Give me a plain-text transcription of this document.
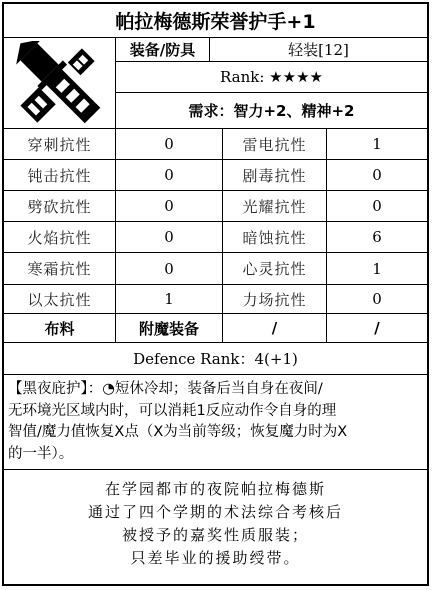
帕拉梅德斯荣誉护手+1
装备/防具	轻装[12]
Rank: ★★★★
需求：智力+2、精神+2
穿刺抗性	0	雷电抗性	1
钝击抗性	0	剧毒抗性	0
劈砍抗性	0	光耀抗性	0
火焰抗性	0	暗蚀抗性	6
寒霜抗性	0	心灵抗性	1
以太抗性	1	力场抗性	0
布料	附魔装备	/	/
Defence Rank：4(+1)
【黑夜庇护】：◔短休冷却；装备后当自身在夜间/
无环境光区域内时，可以消耗1反应动作令自身的理
智值/魔力值恢复X点（X为当前等级；恢复魔力时为X
的一半）。
在学园都市的夜院帕拉梅德斯
通过了四个学期的术法综合考核后
被授予的嘉奖性质服装；
只差毕业的援助绶带。
